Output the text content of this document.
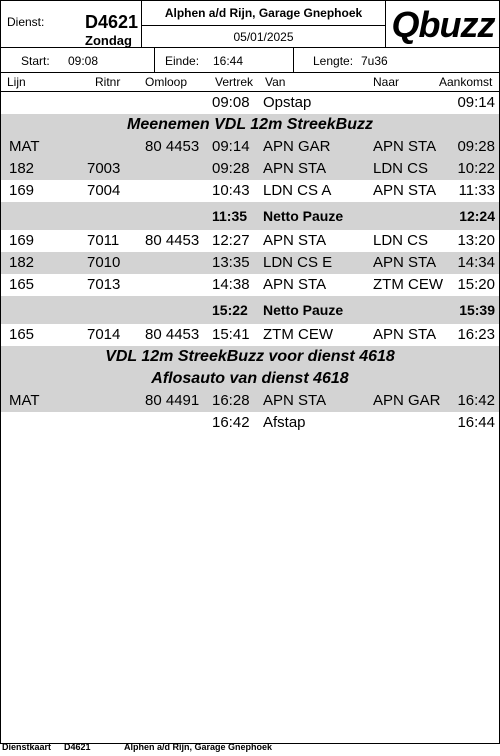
Dienst: D4621
Zondag
Alphen a/d Rijn, Garage Gnephoek
05/01/2025	Qbuzz
Start: 09:08	Einde: 16:44	Lengte: 7u36
Lijn	Ritnr Omloop Vertrek Van	Naar	Aankomst
09:08 Opstap	09:14
Meenemen VDL 12m StreekBuzz
MAT	80 4453 09:14 APN GAR	APN STA 09:28
182	7003	09:28 APN STA	LDN CS 10:22
169	7004	10:43 LDN CS A	APN STA 11:33
11:35 Netto Pauze	12:24
169	7011 80 4453 12:27 APN STA	LDN CS 13:20
182	7010	13:35 LDN CS E	APN STA 14:34
165	7013	14:38 APN STA	ZTM CEW 15:20
15:22 Netto Pauze	15:39
165	7014 80 4453 15:41 ZTM CEW	APN STA 16:23
VDL 12m StreekBuzz voor dienst 4618
Aflosauto van dienst 4618
MAT	80 4491 16:28 APN STA	APN GAR 16:42
16:42 Afstap	16:44
Dienstkaart D4621	Alphen a/d Rijn, Garage Gnephoek
